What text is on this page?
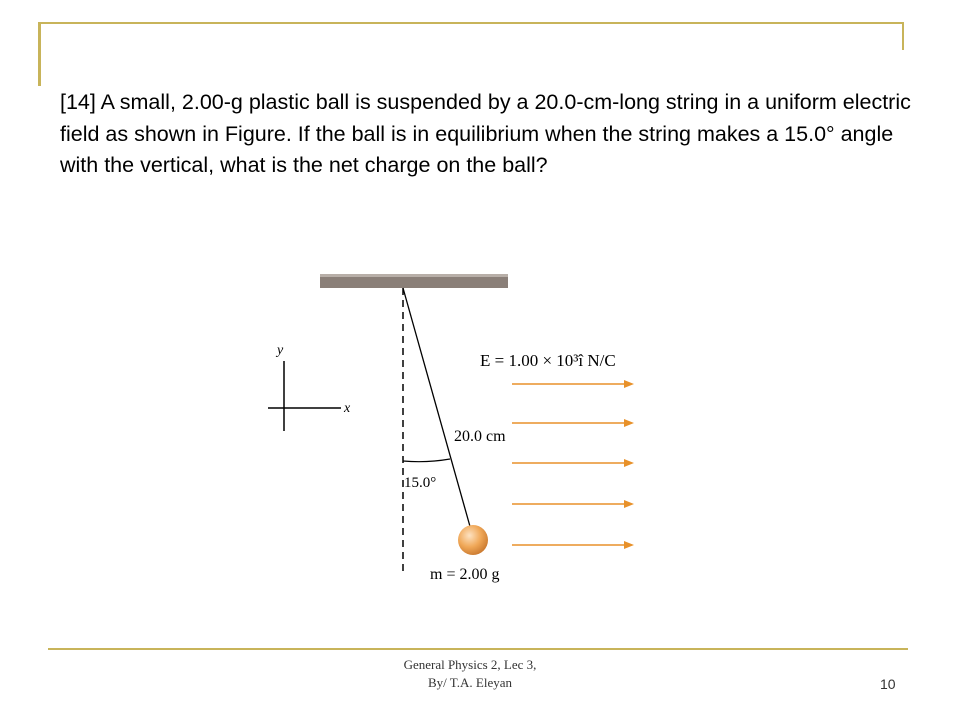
[14] A small, 2.00-g plastic ball is suspended by a 20.0-cm-long string in a uniform electric field as shown in Figure. If the ball is in equilibrium when the string makes a 15.0° angle with the vertical, what is the net charge on the ball?
y
x
15.0°
20.0 cm
m = 2.00 g
E = 1.00 × 10³î N/C
General Physics 2, Lec 3,
By/ T.A. Eleyan	10
